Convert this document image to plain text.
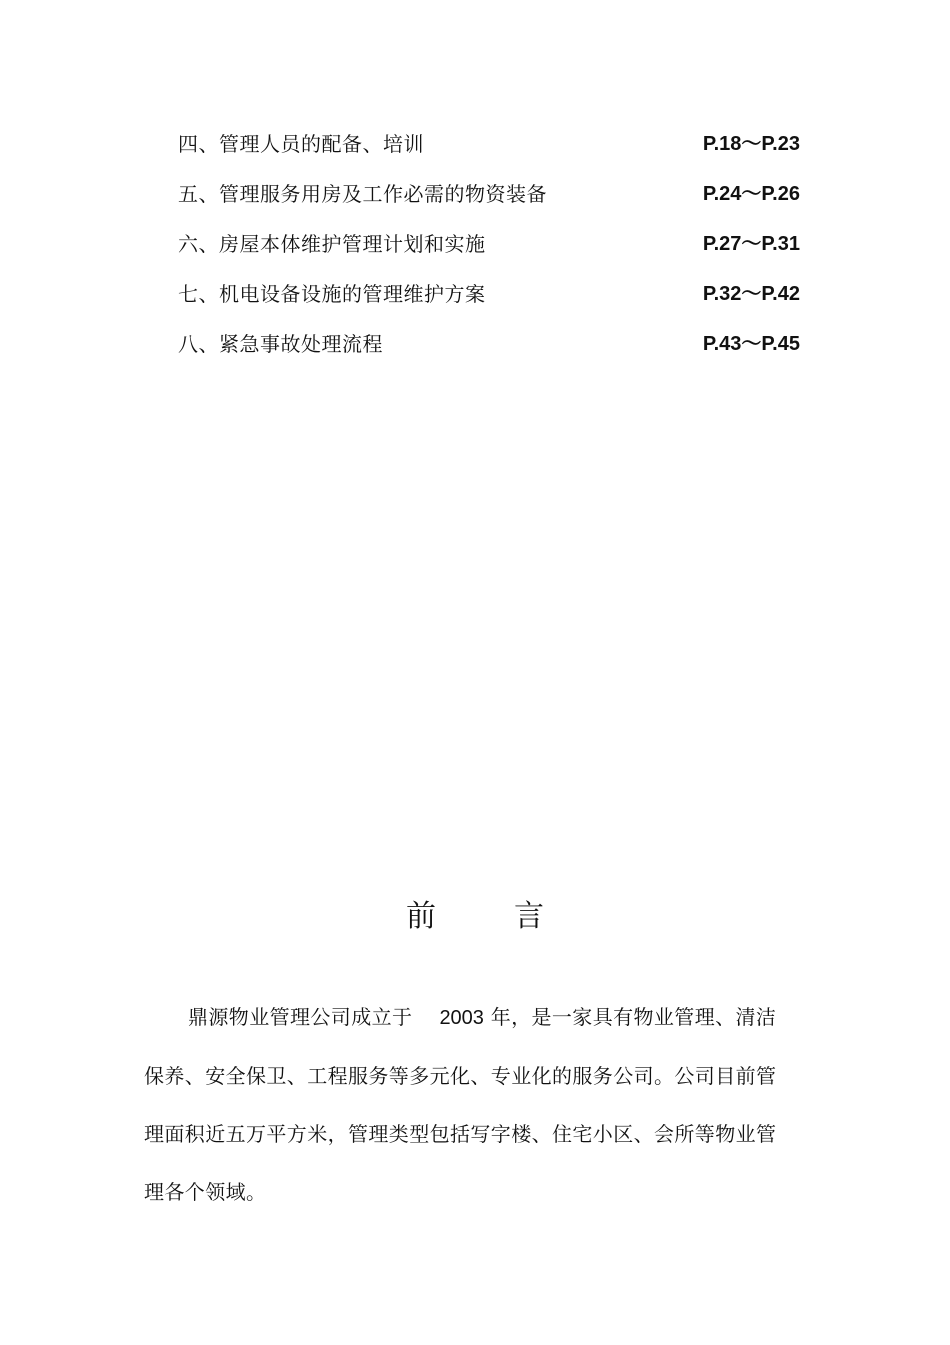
四、管理人员的配备、培训	P.18～P.23
五、管理服务用房及工作必需的物资装备	P.24～P.26
六、房屋本体维护管理计划和实施	P.27～P.31
七、机电设备设施的管理维护方案	P.32～P.42
八、紧急事故处理流程	P.43～P.45
前言

鼎源物业管理公司成立于 2003 年，是一家具有物业管理、清洁保养、安全保卫、工程服务等多元化、专业化的服务公司。公司目前管理面积近五万平方米，管理类型包括写字楼、住宅小区、会所等物业管理各个领域。
